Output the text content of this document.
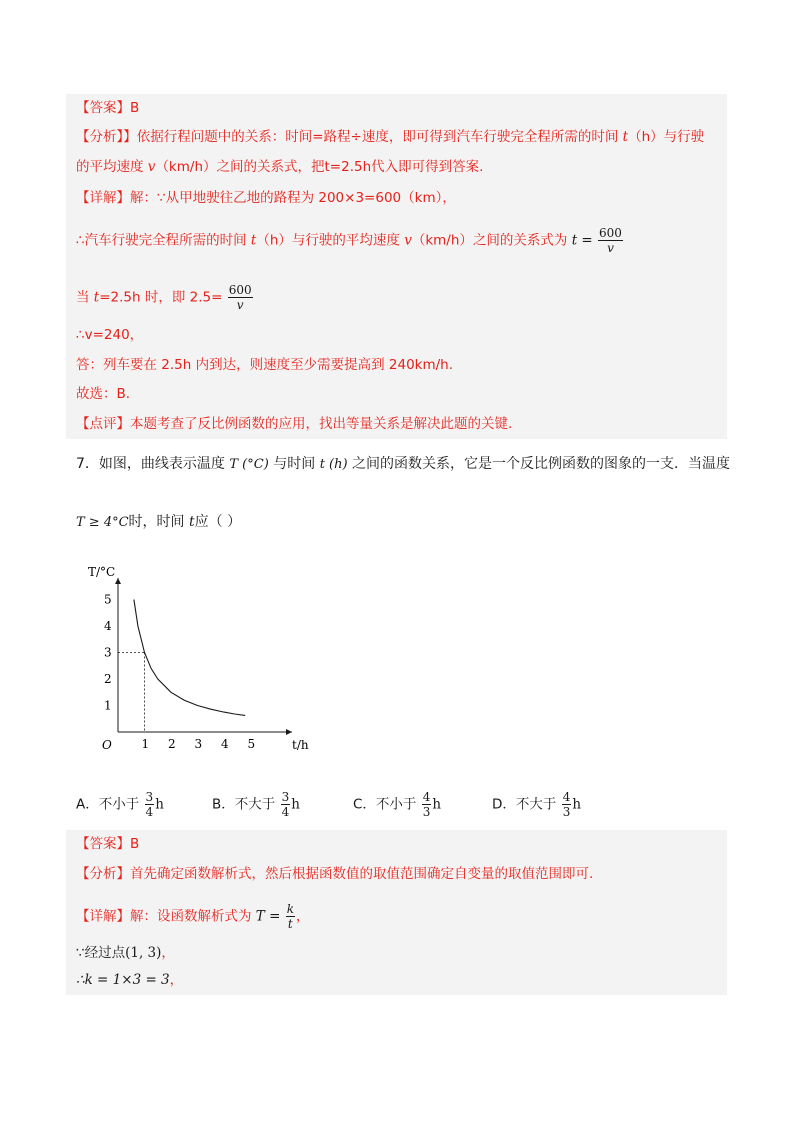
【答案】B
【分析】】依据行程问题中的关系：时间=路程÷速度，即可得到汽车行驶完全程所需的时间 t（h）与行驶
的平均速度 v（km/h）之间的关系式，把t=2.5h代入即可得到答案.
【详解】解：∵从甲地驶往乙地的路程为 200×3=600（km），
∴汽车行驶完全程所需的时间 t（h）与行驶的平均速度 v（km/h）之间的关系式为 $t = \frac{600}{v}$
当 t=2.5h 时，即 $2.5= \frac{600}{v}$
∴v=240，
答：列车要在 2.5h 内到达，则速度至少需要提高到 240km/h.
故选：B.
【点评】本题考查了反比例函数的应用，找出等量关系是解决此题的关键.
7．如图，曲线表示温度 T (°C) 与时间 t (h) 之间的函数关系，它是一个反比例函数的图象的一支．当温度
T ≥ 4°C时，时间 t应（ ）
T/°C
t/h
O 1 2 3 4 5
1
2
3
4
5
A．不小于 $\frac{3}{4}$ h	B．不大于 $\frac{3}{4}$ h	C．不小于 $\frac{4}{3}$ h	D．不大于 $\frac{4}{3}$ h
【答案】B
【分析】首先确定函数解析式，然后根据函数值的取值范围确定自变量的取值范围即可.
【详解】解：设函数解析式为 $T = \frac{k}{t}$ ，
∵经过点(1, 3)，
∴k = 1×3 = 3，
